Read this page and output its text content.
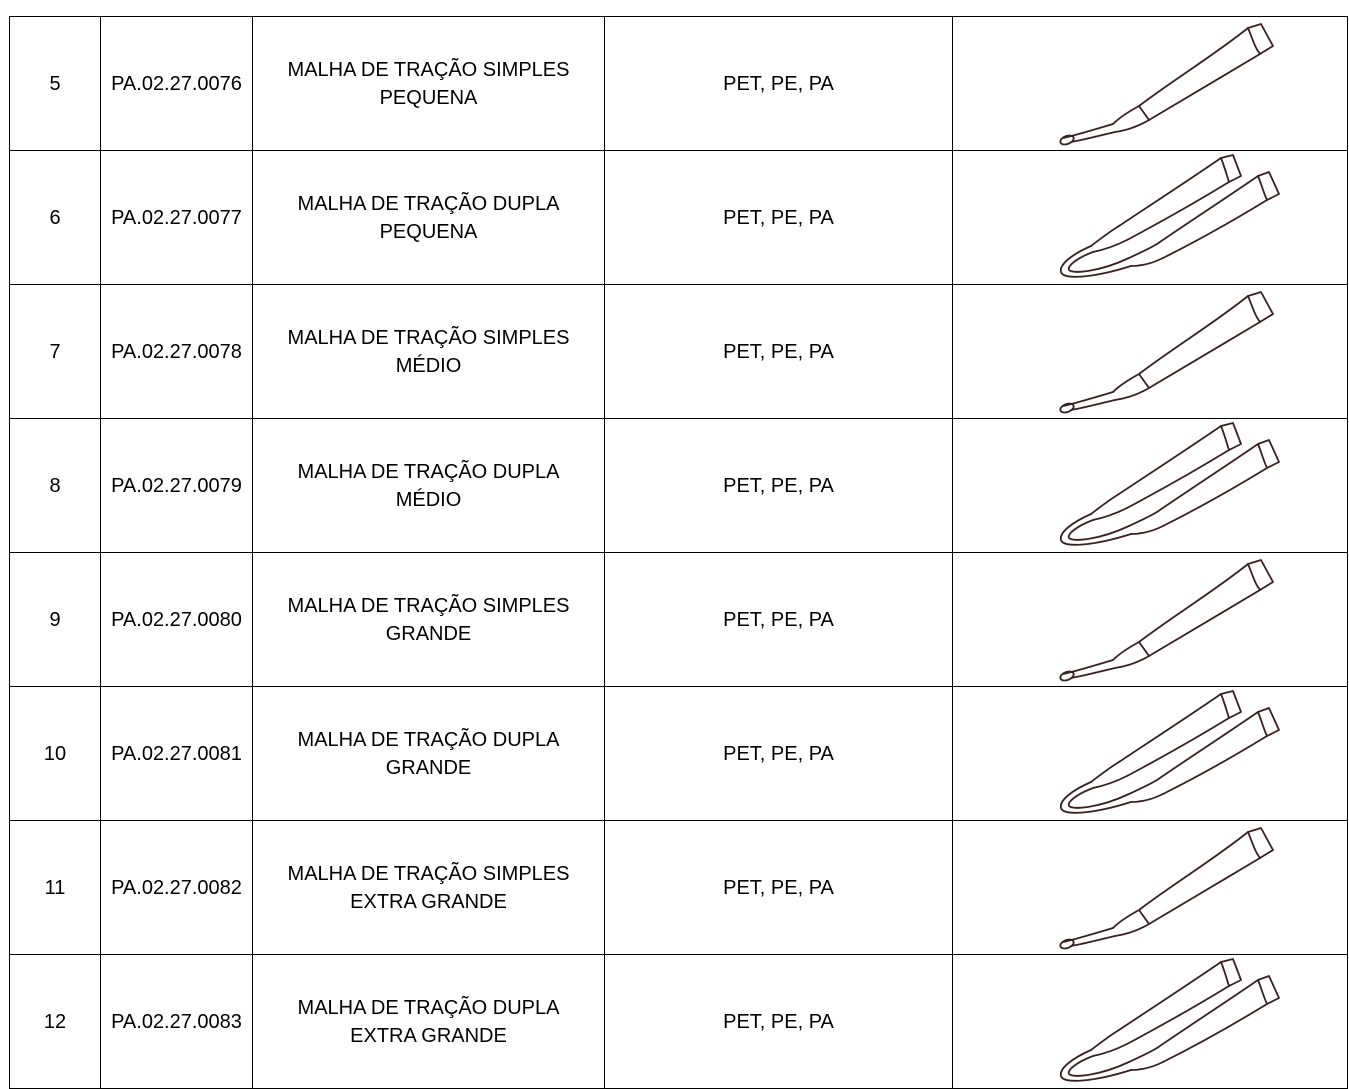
5	PA.02.27.0076	MALHA DE TRAÇÃO SIMPLES
PEQUENA	PET, PE, PA	

6	PA.02.27.0077	MALHA DE TRAÇÃO DUPLA
PEQUENA	PET, PE, PA	

7	PA.02.27.0078	MALHA DE TRAÇÃO SIMPLES
MÉDIO	PET, PE, PA	

8	PA.02.27.0079	MALHA DE TRAÇÃO DUPLA
MÉDIO	PET, PE, PA	

9	PA.02.27.0080	MALHA DE TRAÇÃO SIMPLES
GRANDE	PET, PE, PA	

10	PA.02.27.0081	MALHA DE TRAÇÃO DUPLA
GRANDE	PET, PE, PA	

11	PA.02.27.0082	MALHA DE TRAÇÃO SIMPLES
EXTRA GRANDE	PET, PE, PA	

12	PA.02.27.0083	MALHA DE TRAÇÃO DUPLA
EXTRA GRANDE	PET, PE, PA	
